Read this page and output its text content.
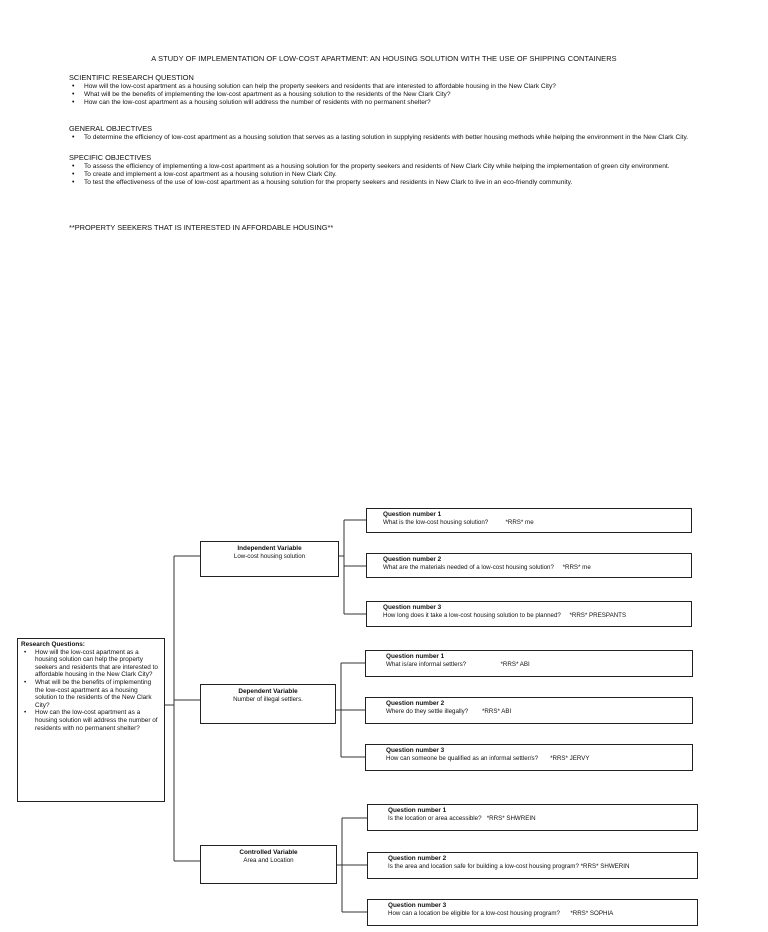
A STUDY OF IMPLEMENTATION OF LOW-COST APARTMENT: AN HOUSING SOLUTION WITH THE USE OF SHIPPING CONTAINERS
SCIENTIFIC RESEARCH QUESTION
• How will the low-cost apartment as a housing solution can help the property seekers and residents that are interested to affordable housing in the New Clark City?
• What will be the benefits of implementing the low-cost apartment as a housing solution to the residents of the New Clark City?
• How can the low-cost apartment as a housing solution will address the number of residents with no permanent shelter?
GENERAL OBJECTIVES
• To determine the efficiency of low-cost apartment as a housing solution that serves as a lasting solution in supplying residents with better housing methods while helping the environment in the New Clark City.
SPECIFIC OBJECTIVES
• To assess the efficiency of implementing a low-cost apartment as a housing solution for the property seekers and residents of New Clark City while helping the implementation of green city environment.
• To create and implement a low-cost apartment as a housing solution in New Clark City.
• To test the effectiveness of the use of low-cost apartment as a housing solution for the property seekers and residents in New Clark to live in an eco-friendly community.
**PROPERTY SEEKERS THAT IS INTERESTED IN AFFORDABLE HOUSING**
Research Questions:
• How will the low-cost apartment as a housing solution can help the property seekers and residents that are interested to affordable housing in the New Clark City?
• What will be the benefits of implementing the low-cost apartment as a housing solution to the residents of the New Clark City?
• How can the low-cost apartment as a housing solution will address the number of residents with no permanent shelter?
Independent Variable
Low-cost housing solution
Question number 1
What is the low-cost housing solution?	*RRS* me
Question number 2
What are the materials needed of a low-cost housing solution? *RRS* me
Question number 3
How long does it take a low-cost housing solution to be planned? *RRS* PRESPANTS
Dependent Variable
Number of illegal settlers.
Question number 1
What is/are informal settlers?	*RRS* ABI
Question number 2
Where do they settle illegally? *RRS* ABI
Question number 3
How can someone be qualified as an informal settler/s? *RRS* JERVY
Controlled Variable
Area and Location
Question number 1
Is the location or area accessible? *RRS* SHWREIN
Question number 2
Is the area and location safe for building a low-cost housing program? *RRS* SHWERIN
Question number 3
How can a location be eligible for a low-cost housing program? *RRS* SOPHIA
